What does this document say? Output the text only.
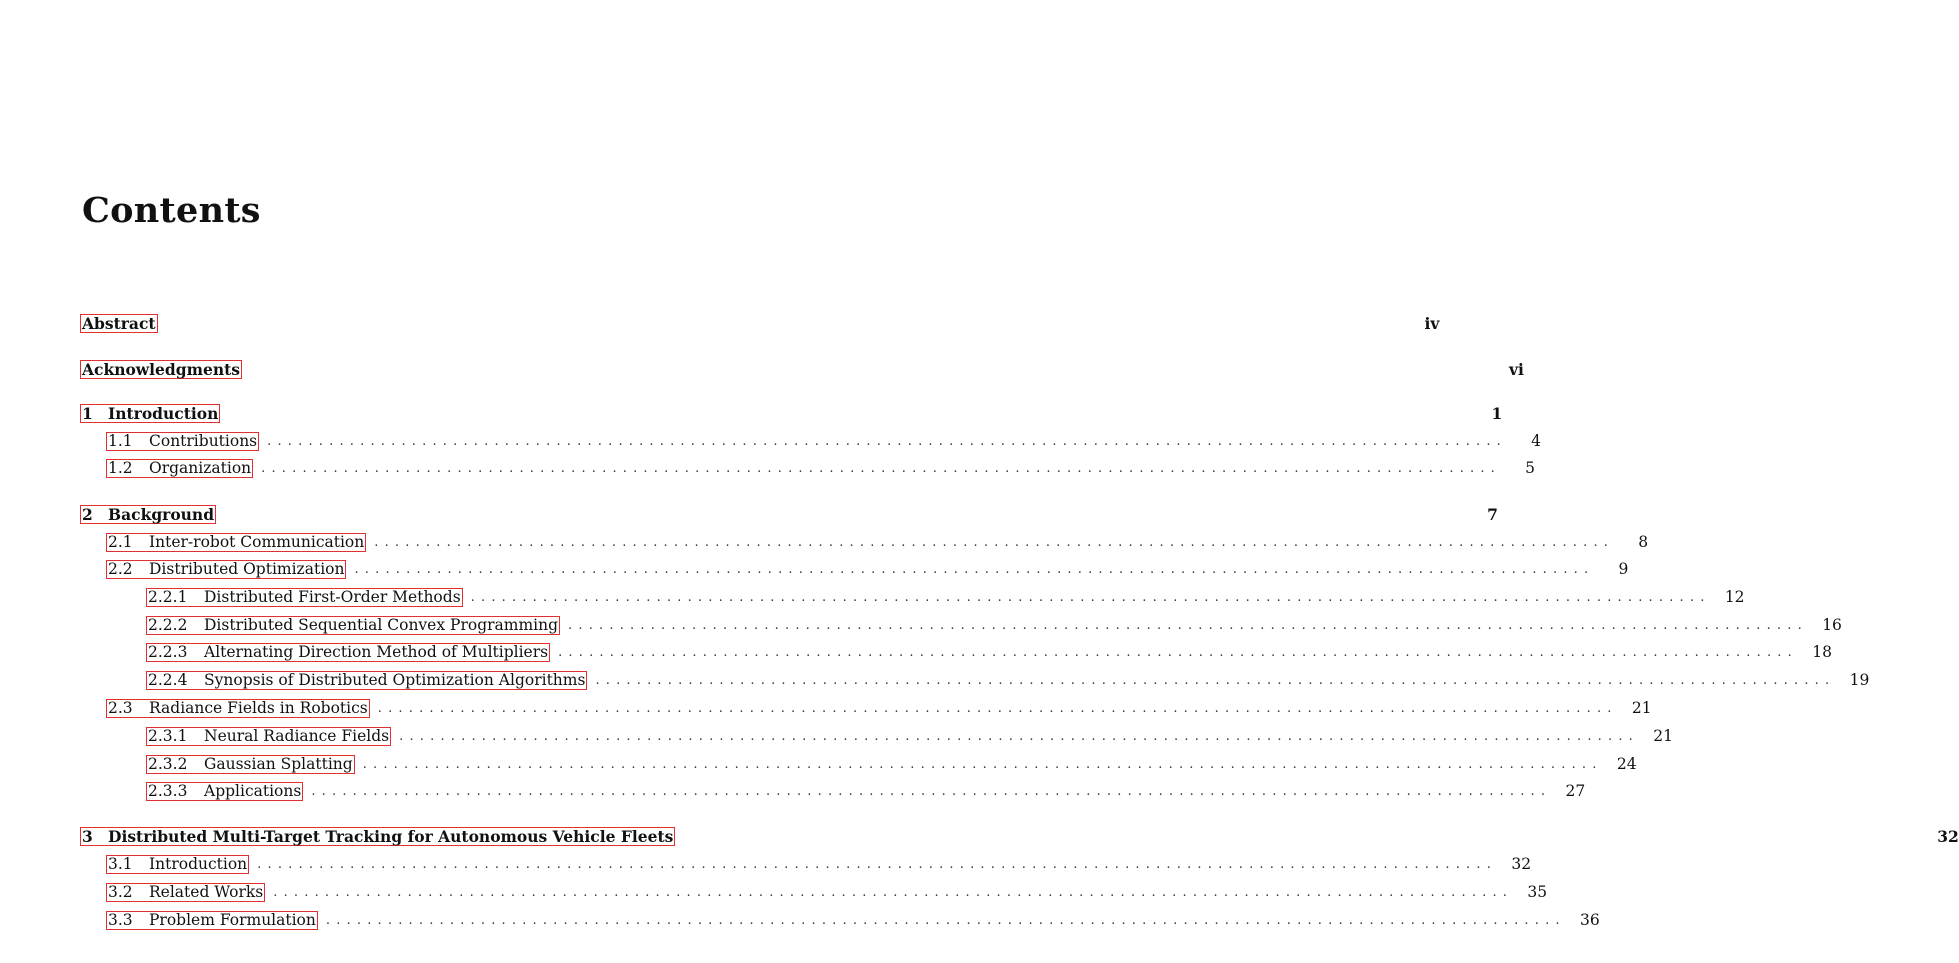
Contents
Abstract	iv
Acknowledgments	vi
1 Introduction	1
1.1	Contributions ........................................................................................................................	4
1.2	Organization ........................................................................................................................	5
2 Background	7
2.1	Inter-robot Communication ........................................................................................................................	8
2.2	Distributed Optimization ........................................................................................................................	9
2.2.1	Distributed First-Order Methods ........................................................................................................................ 12
2.2.2	Distributed Sequential Convex Programming ........................................................................................................................ 16
2.2.3	Alternating Direction Method of Multipliers ........................................................................................................................ 18
2.2.4	Synopsis of Distributed Optimization Algorithms ........................................................................................................................ 19
2.3	Radiance Fields in Robotics ........................................................................................................................ 21
2.3.1	Neural Radiance Fields ........................................................................................................................ 21
2.3.2	Gaussian Splatting ........................................................................................................................ 24
2.3.3	Applications ........................................................................................................................ 27
3 Distributed Multi-Target Tracking for Autonomous Vehicle Fleets	32
3.1	Introduction ........................................................................................................................ 32
3.2	Related Works ........................................................................................................................ 35
3.3	Problem Formulation ........................................................................................................................ 36
